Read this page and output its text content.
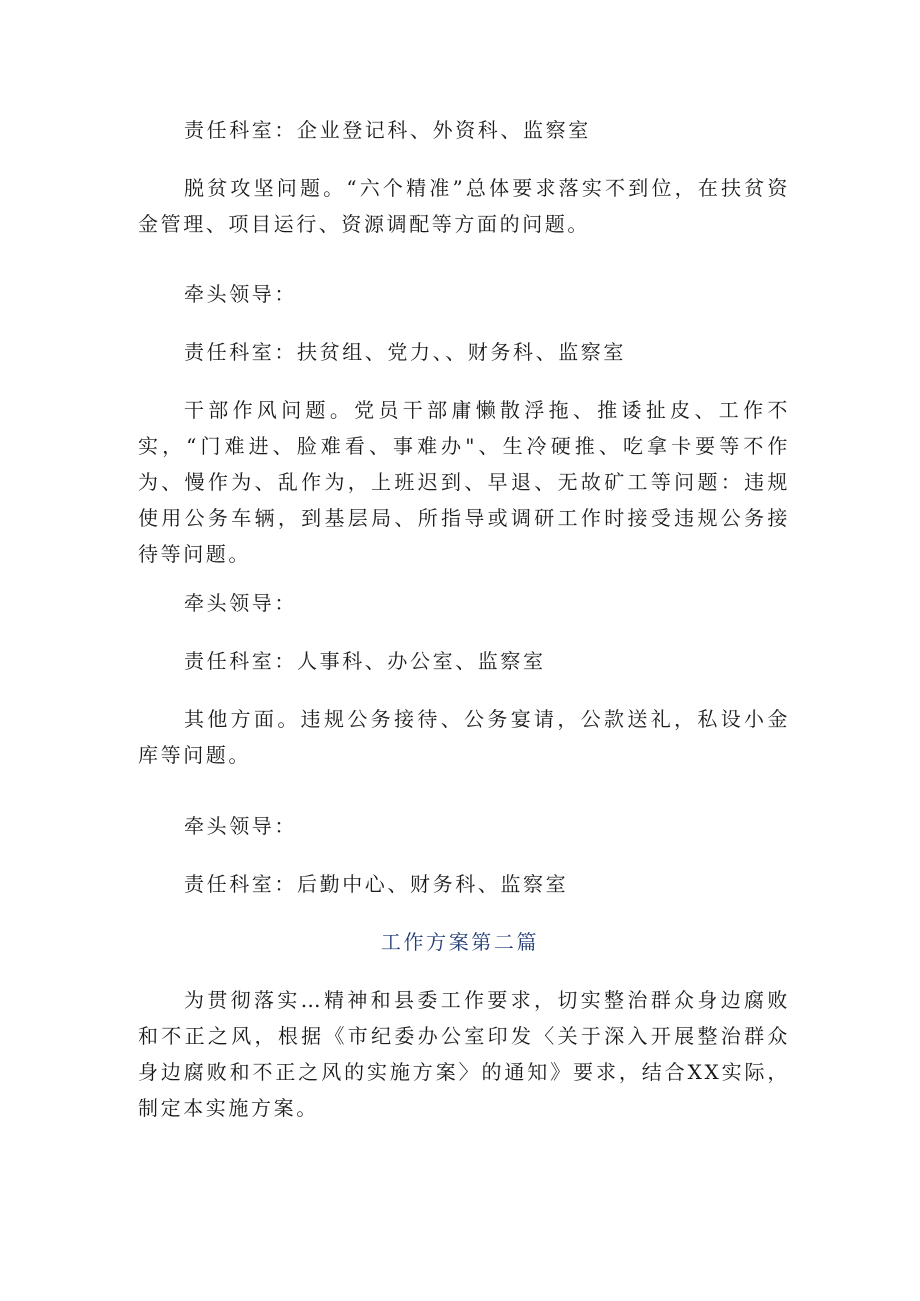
责任科室：企业登记科、外资科、监察室

脱贫攻坚问题。“六个精准”总体要求落实不到位，在扶贫资金管理、项目运行、资源调配等方面的问题。

牵头领导：

责任科室：扶贫组、党力、、财务科、监察室

干部作风问题。党员干部庸懒散浮拖、推诿扯皮、工作不实，“门难进、脸难看、事难办"、生冷硬推、吃拿卡要等不作为、慢作为、乱作为，上班迟到、早退、无故矿工等问题：违规使用公务车辆，到基层局、所指导或调研工作时接受违规公务接待等问题。

牵头领导：

责任科室：人事科、办公室、监察室

其他方面。违规公务接待、公务宴请，公款送礼，私设小金库等问题。

牵头领导：

责任科室：后勤中心、财务科、监察室

工作方案第二篇

为贯彻落实…精神和县委工作要求，切实整治群众身边腐败和不正之风，根据《市纪委办公室印发〈关于深入开展整治群众身边腐败和不正之风的实施方案〉的通知》要求，结合XX实际，制定本实施方案。
